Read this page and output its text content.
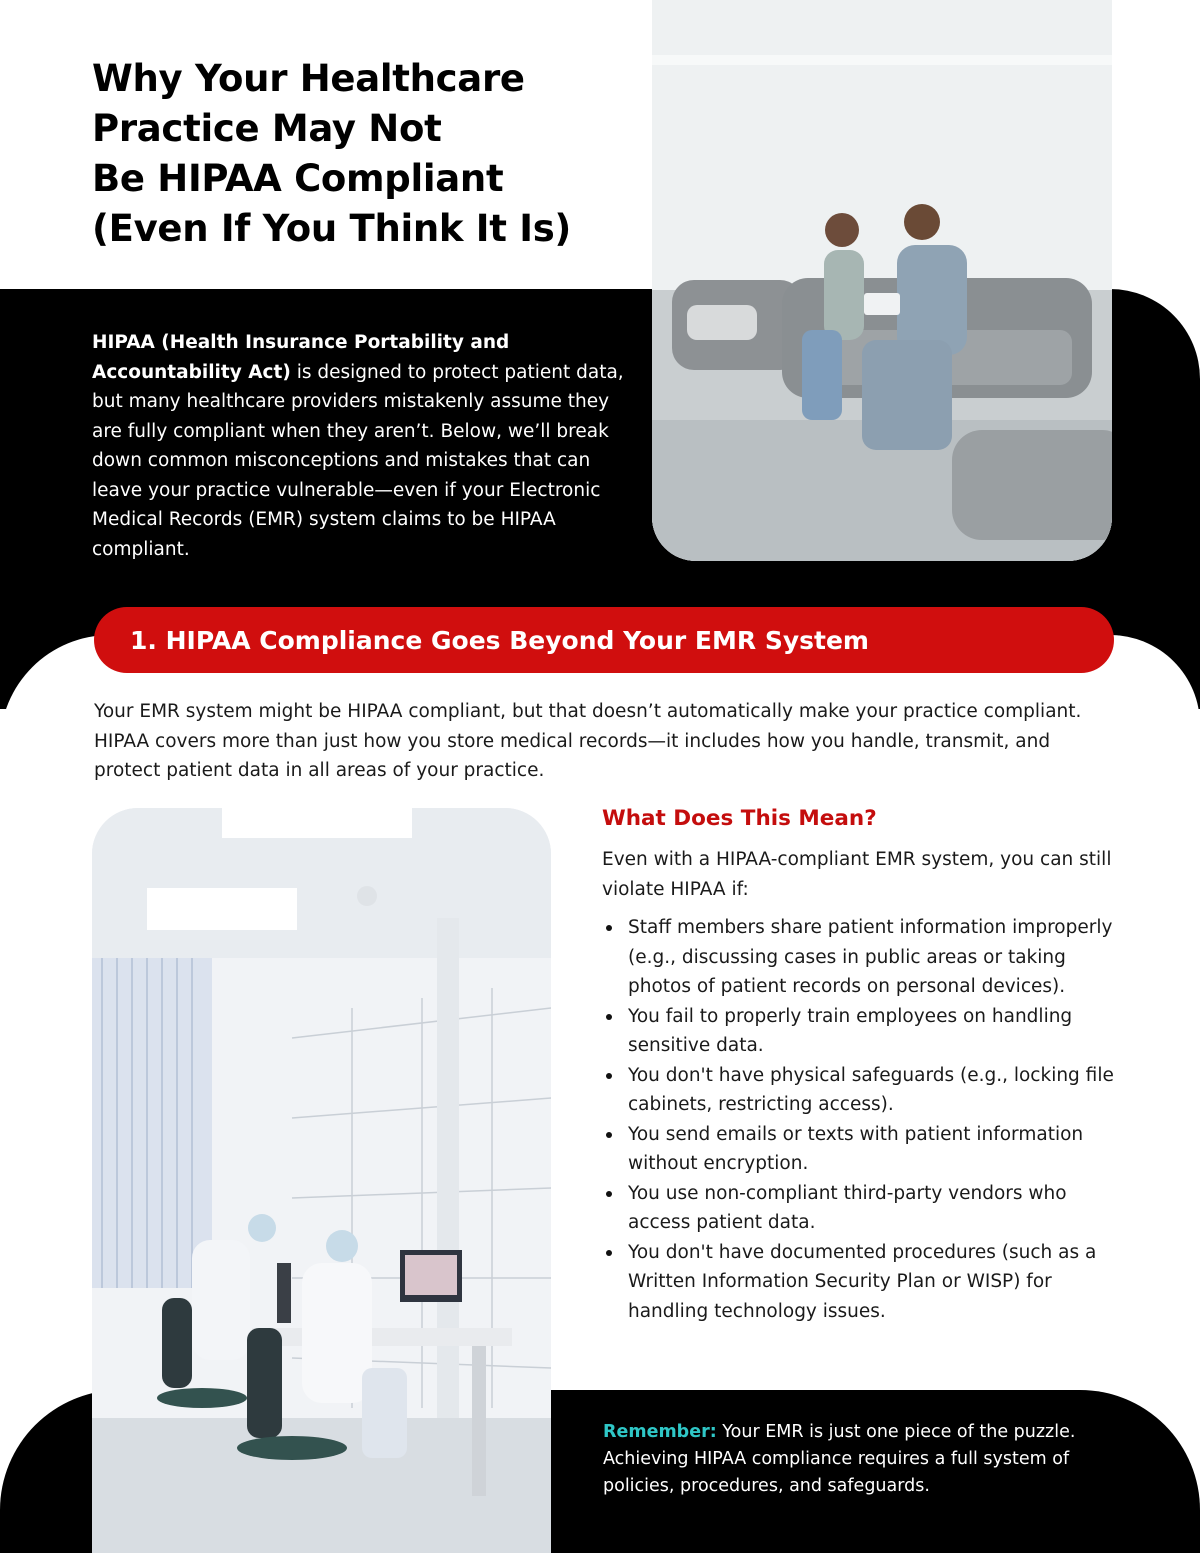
Why Your Healthcare
Practice May Not
Be HIPAA Compliant
(Even If You Think It Is)

HIPAA (Health Insurance Portability and Accountability Act) is designed to protect patient data, but many healthcare providers mistakenly assume they are fully compliant when they aren’t. Below, we’ll break down common misconceptions and mistakes that can leave your practice vulnerable—even if your Electronic Medical Records (EMR) system claims to be HIPAA compliant.

1. HIPAA Compliance Goes Beyond Your EMR System

Your EMR system might be HIPAA compliant, but that doesn’t automatically make your practice compliant. HIPAA covers more than just how you store medical records—it includes how you handle, transmit, and protect patient data in all areas of your practice.

What Does This Mean?

Even with a HIPAA-compliant EMR system, you can still violate HIPAA if:

Staff members share patient information improperly (e.g., discussing cases in public areas or taking photos of patient records on personal devices).
You fail to properly train employees on handling sensitive data.
You don't have physical safeguards (e.g., locking file cabinets, restricting access).
You send emails or texts with patient information without encryption.
You use non-compliant third-party vendors who access patient data.
You don't have documented procedures (such as a Written Information Security Plan or WISP) for handling technology issues.

Remember: Your EMR is just one piece of the puzzle. Achieving HIPAA compliance requires a full system of policies, procedures, and safeguards.
